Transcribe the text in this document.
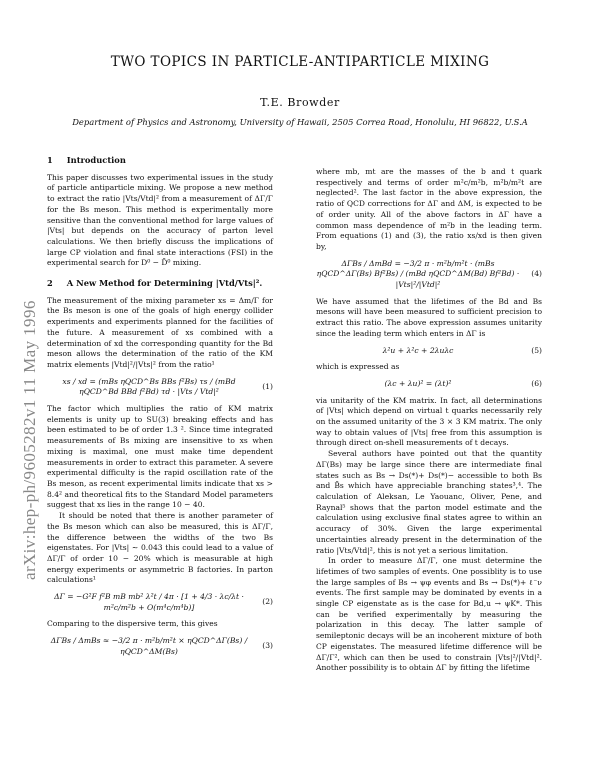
TWO TOPICS IN PARTICLE-ANTIPARTICLE MIXING
T.E. Browder
Department of Physics and Astronomy, University of Hawaii, 2505 Correa Road, Honolulu, HI 96822, U.S.A
arXiv:hep-ph/9605282v1 11 May 1996
1 Introduction

This paper discusses two experimental issues in the study of particle antiparticle mixing. We propose a new method to extract the ratio |Vts/Vtd|² from a measurement of ΔΓ/Γ for the Bs meson. This method is experimentally more sensitive than the conventional method for large values of |Vts| but depends on the accuracy of parton level calculations. We then briefly discuss the implications of large CP violation and final state interactions (FSI) in the experimental search for D⁰ − D̄⁰ mixing.

2 A New Method for Determining |Vtd/Vts|².

The measurement of the mixing parameter xs = Δm/Γ for the Bs meson is one of the goals of high energy collider experiments and experiments planned for the facilities of the future. A measurement of xs combined with a determination of xd the corresponding quantity for the Bd meson allows the determination of the ratio of the KM matrix elements |Vtd|²/|Vts|² from the ratio¹

xs / xd = (mBs ηQCD^Bs BBs f²Bs) τs / (mBd ηQCD^Bd BBd f²Bd) τd · |Vts / Vtd|²
(1)

The factor which multiplies the ratio of KM matrix elements is unity up to SU(3) breaking effects and has been estimated to be of order 1.3 ². Since time integrated measurements of Bs mixing are insensitive to xs when mixing is maximal, one must make time dependent measurements in order to extract this parameter. A severe experimental difficulty is the rapid oscillation rate of the Bs meson, as recent experimental limits indicate that xs > 8.4² and theoretical fits to the Standard Model parameters suggest that xs lies in the range 10 − 40.

It should be noted that there is another parameter of the Bs meson which can also be measured, this is ΔΓ/Γ, the difference between the widths of the two Bs eigenstates. For |Vts| ∼ 0.043 this could lead to a value of ΔΓ/Γ of order 10 − 20% which is measurable at high energy experiments or asymmetric B factories. In parton calculations¹

ΔΓ = −G²F f²B mB mb² λ²t / 4π · [1 + 4/3 · λc/λt · m²c/m²b + O(m⁴c/m⁴b)]
(2)

Comparing to the dispersive term, this gives

ΔΓBs / ΔmBs ≈ −3/2 π · m²b/m²t × ηQCD^ΔΓ(Bs) / ηQCD^ΔM(Bs)
(3)

where mb, mt are the masses of the b and t quark respectively and terms of order m²c/m²b, m²b/m²t are neglected². The last factor in the above expression, the ratio of QCD corrections for ΔΓ and ΔM, is expected to be of order unity. All of the above factors in ΔΓ have a common mass dependence of m²b in the leading term. From equations (1) and (3), the ratio xs/xd is then given by,

ΔΓBs / ΔmBd = −3/2 π · m²b/m²t · (mBs ηQCD^ΔΓ(Bs) Bf²Bs) / (mBd ηQCD^ΔM(Bd) Bf²Bd) · |Vts|²/|Vtd|²
(4)

We have assumed that the lifetimes of the Bd and Bs mesons will have been measured to sufficient precision to extract this ratio. The above expression assumes unitarity since the leading term which enters in ΔΓ is

λ²u + λ²c + 2λuλc	(5)

which is expressed as

(λc + λu)² = (λt)²	(6)

via unitarity of the KM matrix. In fact, all determinations of |Vts| which depend on virtual t quarks necessarily rely on the assumed unitarity of the 3 × 3 KM matrix. The only way to obtain values of |Vts| free from this assumption is through direct on-shell measurements of t decays.

Several authors have pointed out that the quantity ΔΓ(Bs) may be large since there are intermediate final states such as Bs → Ds(*)+ Ds(*)− accessible to both Bs and B̄s which have appreciable branching states³,⁴. The calculation of Aleksan, Le Yaouanc, Oliver, Pene, and Raynal⁵ shows that the parton model estimate and the calculation using exclusive final states agree to within an accuracy of 30%. Given the large experimental uncertainties already present in the determination of the ratio |Vts/Vtd|², this is not yet a serious limitation.

In order to measure ΔΓ/Γ, one must determine the lifetimes of two samples of events. One possiblity is to use the large samples of Bs → ψφ events and Bs → Ds(*)+ ℓ⁻ν events. The first sample may be dominated by events in a single CP eigenstate as is the case for Bd,u → ψK*. This can be verified experimentally by measuring the polarization in this decay. The latter sample of semileptonic decays will be an incoherent mixture of both CP eigenstates. The measured lifetime difference will be ΔΓ/Γ², which can then be used to constrain |Vts|²/|Vtd|². Another possibility is to obtain ΔΓ by fitting the lifetime
